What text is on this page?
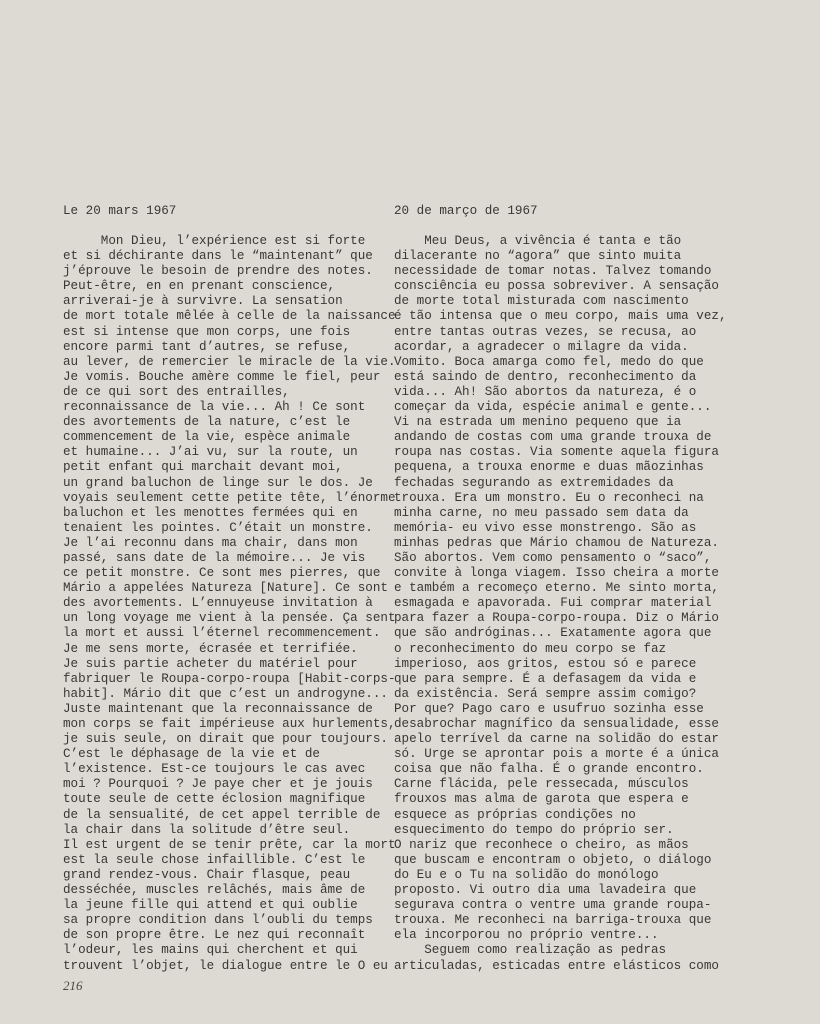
Le 20 mars 1967
Mon Dieu, l’expérience est si forte
et si déchirante dans le “maintenant” que
j’éprouve le besoin de prendre des notes.
Peut-être, en en prenant conscience,
arriverai-je à survivre. La sensation
de mort totale mêlée à celle de la naissance
est si intense que mon corps, une fois
encore parmi tant d’autres, se refuse,
au lever, de remercier le miracle de la vie.
Je vomis. Bouche amère comme le fiel, peur
de ce qui sort des entrailles,
reconnaissance de la vie... Ah ! Ce sont
des avortements de la nature, c’est le
commencement de la vie, espèce animale
et humaine... J’ai vu, sur la route, un
petit enfant qui marchait devant moi,
un grand baluchon de linge sur le dos. Je
voyais seulement cette petite tête, l’énorme
baluchon et les menottes fermées qui en
tenaient les pointes. C’était un monstre.
Je l’ai reconnu dans ma chair, dans mon
passé, sans date de la mémoire... Je vis
ce petit monstre. Ce sont mes pierres, que
Mário a appelées Natureza [Nature]. Ce sont
des avortements. L’ennuyeuse invitation à
un long voyage me vient à la pensée. Ça sent
la mort et aussi l’éternel recommencement.
Je me sens morte, écrasée et terrifiée.
Je suis partie acheter du matériel pour
fabriquer le Roupa-corpo-roupa [Habit-corps-
habit]. Mário dit que c’est un androgyne...
Juste maintenant que la reconnaissance de
mon corps se fait impérieuse aux hurlements,
je suis seule, on dirait que pour toujours.
C’est le déphasage de la vie et de
l’existence. Est-ce toujours le cas avec
moi ? Pourquoi ? Je paye cher et je jouis
toute seule de cette éclosion magnifique
de la sensualité, de cet appel terrible de
la chair dans la solitude d’être seul.
Il est urgent de se tenir prête, car la mort
est la seule chose infaillible. C’est le
grand rendez-vous. Chair flasque, peau
desséchée, muscles relâchés, mais âme de
la jeune fille qui attend et qui oublie
sa propre condition dans l’oubli du temps
de son propre être. Le nez qui reconnaît
l’odeur, les mains qui cherchent et qui
trouvent l’objet, le dialogue entre le O eu
20 de março de 1967
Meu Deus, a vivência é tanta e tão
dilacerante no “agora” que sinto muita
necessidade de tomar notas. Talvez tomando
consciência eu possa sobreviver. A sensação
de morte total misturada com nascimento
é tão intensa que o meu corpo, mais uma vez,
entre tantas outras vezes, se recusa, ao
acordar, a agradecer o milagre da vida.
Vomito. Boca amarga como fel, medo do que
está saindo de dentro, reconhecimento da
vida... Ah! São abortos da natureza, é o
começar da vida, espécie animal e gente...
Vi na estrada um menino pequeno que ia
andando de costas com uma grande trouxa de
roupa nas costas. Via somente aquela figura
pequena, a trouxa enorme e duas mãozinhas
fechadas segurando as extremidades da
trouxa. Era um monstro. Eu o reconheci na
minha carne, no meu passado sem data da
memória- eu vivo esse monstrengo. São as
minhas pedras que Mário chamou de Natureza.
São abortos. Vem como pensamento o “saco”,
convite à longa viagem. Isso cheira a morte
e também a recomeço eterno. Me sinto morta,
esmagada e apavorada. Fui comprar material
para fazer a Roupa-corpo-roupa. Diz o Mário
que são andróginas... Exatamente agora que
o reconhecimento do meu corpo se faz
imperioso, aos gritos, estou só e parece
que para sempre. É a defasagem da vida e
da existência. Será sempre assim comigo?
Por que? Pago caro e usufruo sozinha esse
desabrochar magnífico da sensualidade, esse
apelo terrível da carne na solidão do estar
só. Urge se aprontar pois a morte é a única
coisa que não falha. É o grande encontro.
Carne flácida, pele ressecada, músculos
frouxos mas alma de garota que espera e
esquece as próprias condições no
esquecimento do tempo do próprio ser.
O nariz que reconhece o cheiro, as mãos
que buscam e encontram o objeto, o diálogo
do Eu e o Tu na solidão do monólogo
proposto. Vi outro dia uma lavadeira que
segurava contra o ventre uma grande roupa-
trouxa. Me reconheci na barriga-trouxa que
ela incorporou no próprio ventre...
Seguem como realização as pedras
articuladas, esticadas entre elásticos como
216
